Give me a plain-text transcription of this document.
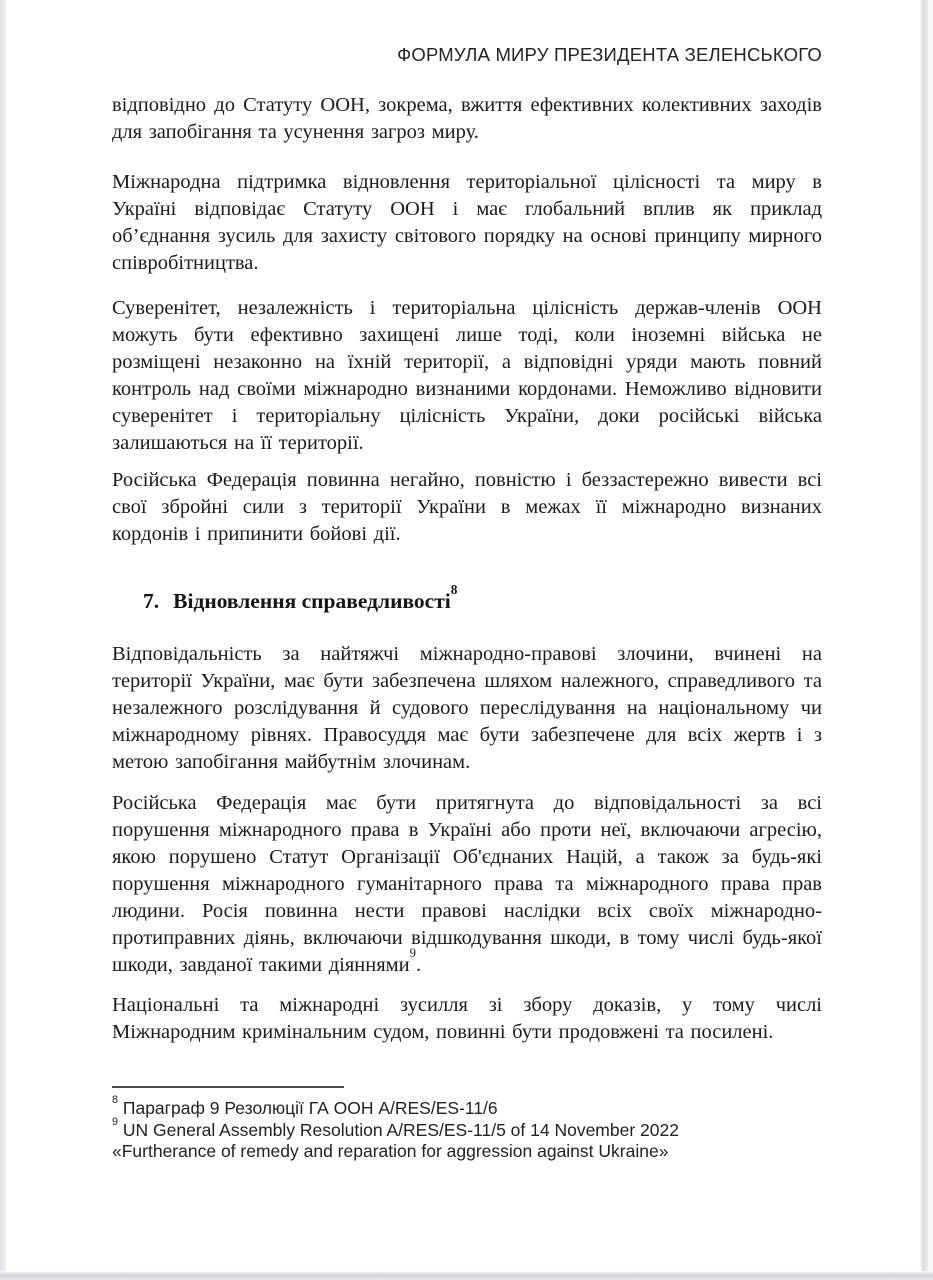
ФОРМУЛА МИРУ ПРЕЗИДЕНТА ЗЕЛЕНСЬКОГО

відповідно до Статуту ООН, зокрема, вжиття ефективних колективних заходів для запобігання та усунення загроз миру.

Міжнародна підтримка відновлення територіальної цілісності та миру в Україні відповідає Статуту ООН і має глобальний вплив як приклад об’єднання зусиль для захисту світового порядку на основі принципу мирного співробітництва.

Суверенітет, незалежність і територіальна цілісність держав-членів ООН можуть бути ефективно захищені лише тоді, коли іноземні війська не розміщені незаконно на їхній території, а відповідні уряди мають повний контроль над своїми міжнародно визнаними кордонами. Неможливо відновити суверенітет і територіальну цілісність України, доки російські війська залишаються на її території.

Російська Федерація повинна негайно, повністю і беззастережно вивести всі свої збройні сили з території України в межах її міжнародно визнаних кордонів і припинити бойові дії.

7. Відновлення справедливості$^8$

Відповідальність за найтяжчі міжнародно-правові злочини, вчинені на території України, має бути забезпечена шляхом належного, справедливого та незалежного розслідування й судового переслідування на національному чи міжнародному рівнях. Правосуддя має бути забезпечене для всіх жертв і з метою запобігання майбутнім злочинам.

Російська Федерація має бути притягнута до відповідальності за всі порушення міжнародного права в Україні або проти неї, включаючи агресію, якою порушено Статут Організації Об'єднаних Націй, а також за будь-які порушення міжнародного гуманітарного права та міжнародного права прав людини. Росія повинна нести правові наслідки всіх своїх міжнародно-протиправних діянь, включаючи відшкодування шкоди, в тому числі будь-якої шкоди, завданої такими діяннями$^9$.

Національні та міжнародні зусилля зі збору доказів, у тому числі Міжнародним кримінальним судом, повинні бути продовжені та посилені.

$^8$ Параграф 9 Резолюції ГА ООН A/RES/ES-11/6

$^9$ UN General Assembly Resolution A/RES/ES-11/5 of 14 November 2022

«Furtherance of remedy and reparation for aggression against Ukraine»
